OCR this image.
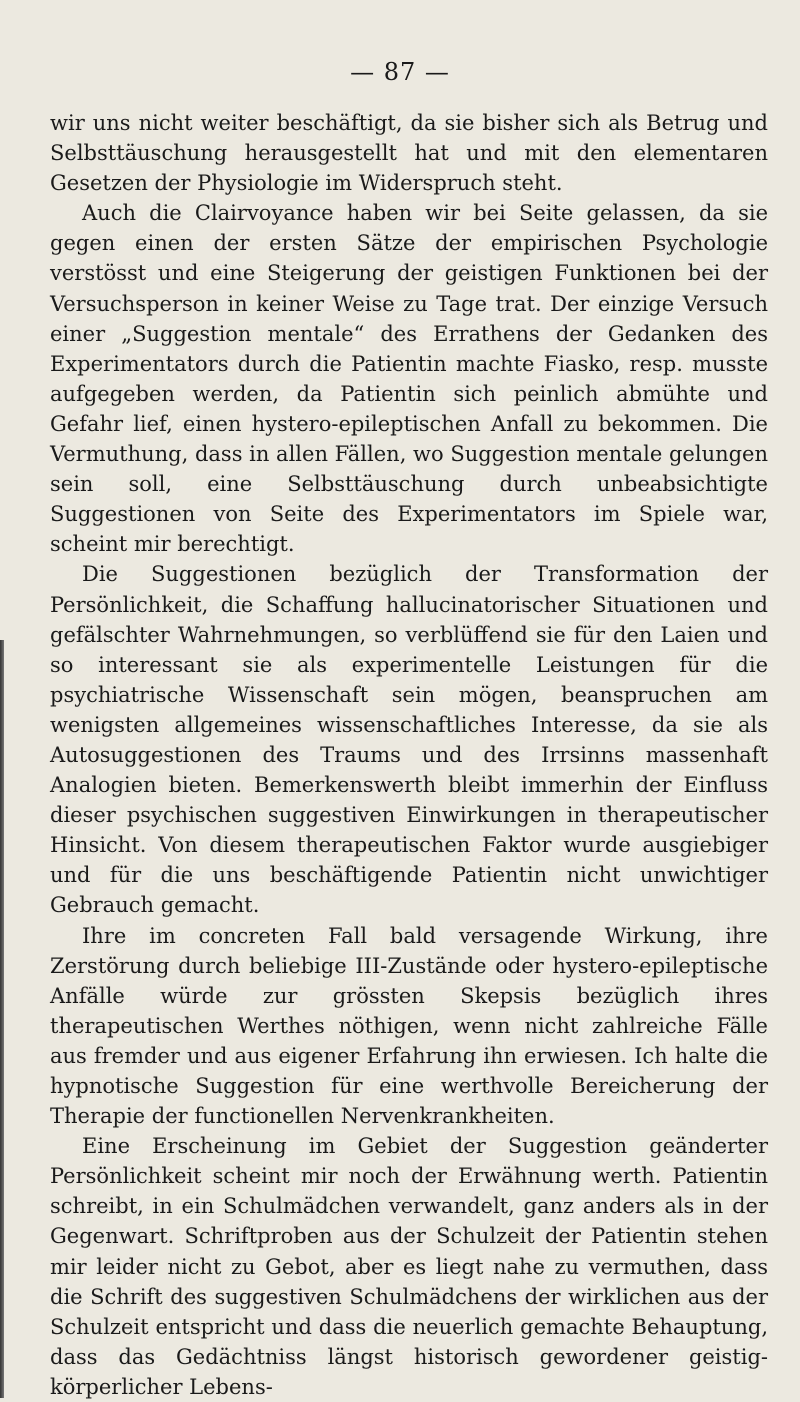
— 87 —

wir uns nicht weiter beschäftigt, da sie bisher sich als Betrug und Selbsttäuschung herausgestellt hat und mit den elementaren Gesetzen der Physiologie im Widerspruch steht.

Auch die Clairvoyance haben wir bei Seite gelassen, da sie gegen einen der ersten Sätze der empirischen Psychologie verstösst und eine Steigerung der geistigen Funktionen bei der Versuchsperson in keiner Weise zu Tage trat. Der einzige Versuch einer „Suggestion mentale“ des Errathens der Gedanken des Experimentators durch die Patientin machte Fiasko, resp. musste aufgegeben werden, da Patientin sich peinlich abmühte und Gefahr lief, einen hystero-epileptischen Anfall zu bekommen. Die Vermuthung, dass in allen Fällen, wo Suggestion mentale gelungen sein soll, eine Selbsttäuschung durch unbeabsichtigte Suggestionen von Seite des Experimentators im Spiele war, scheint mir berechtigt.

Die Suggestionen bezüglich der Transformation der Persönlichkeit, die Schaffung hallucinatorischer Situationen und gefälschter Wahrnehmungen, so verblüffend sie für den Laien und so interessant sie als experimentelle Leistungen für die psychiatrische Wissenschaft sein mögen, beanspruchen am wenigsten allgemeines wissenschaftliches Interesse, da sie als Autosuggestionen des Traums und des Irrsinns massenhaft Analogien bieten. Bemerkenswerth bleibt immerhin der Einfluss dieser psychischen suggestiven Einwirkungen in therapeutischer Hinsicht. Von diesem therapeutischen Faktor wurde ausgiebiger und für die uns beschäftigende Patientin nicht unwichtiger Gebrauch gemacht.

Ihre im concreten Fall bald versagende Wirkung, ihre Zerstörung durch beliebige III-Zustände oder hystero-epileptische Anfälle würde zur grössten Skepsis bezüglich ihres therapeutischen Werthes nöthigen, wenn nicht zahlreiche Fälle aus fremder und aus eigener Erfahrung ihn erwiesen. Ich halte die hypnotische Suggestion für eine werthvolle Bereicherung der Therapie der functionellen Nervenkrankheiten.

Eine Erscheinung im Gebiet der Suggestion geänderter Persönlichkeit scheint mir noch der Erwähnung werth. Patientin schreibt, in ein Schulmädchen verwandelt, ganz anders als in der Gegenwart. Schriftproben aus der Schulzeit der Patientin stehen mir leider nicht zu Gebot, aber es liegt nahe zu vermuthen, dass die Schrift des suggestiven Schulmädchens der wirklichen aus der Schulzeit entspricht und dass die neuerlich gemachte Behauptung, dass das Gedächtniss längst historisch gewordener geistig-körperlicher Lebens-
